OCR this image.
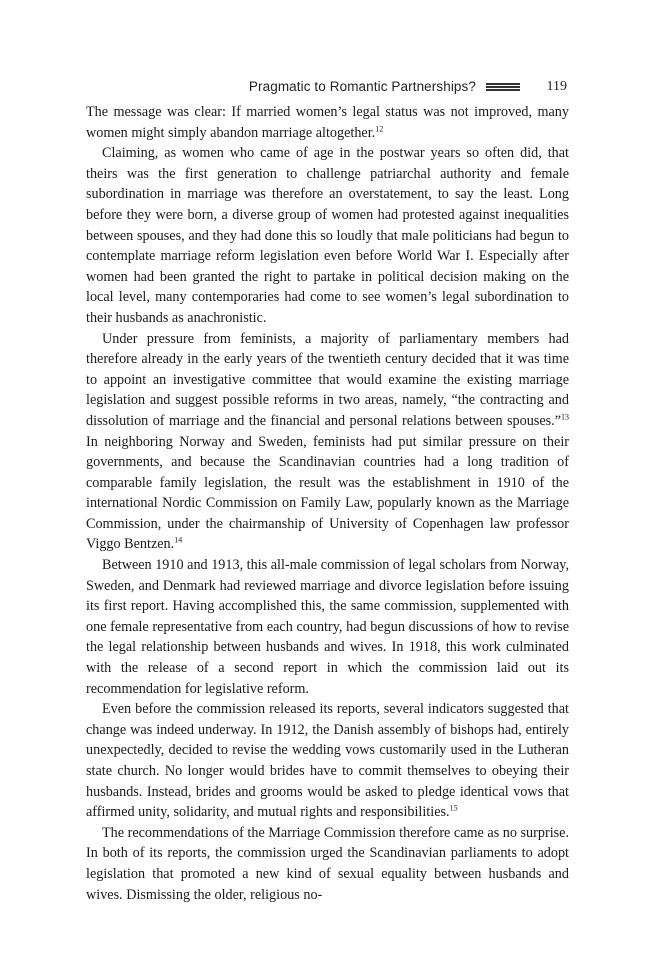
Pragmatic to Romantic Partnerships?	119

The message was clear: If married women’s legal status was not improved, many women might simply abandon marriage altogether.$^{12}$

Claiming, as women who came of age in the postwar years so often did, that theirs was the first generation to challenge patriarchal authority and female subordination in marriage was therefore an overstatement, to say the least. Long before they were born, a diverse group of women had protested against inequalities between spouses, and they had done this so loudly that male politicians had begun to contemplate marriage reform legislation even before World War I. Especially after women had been granted the right to partake in political decision making on the local level, many contemporaries had come to see women’s legal subordination to their husbands as anachronistic.

Under pressure from feminists, a majority of parliamentary members had therefore already in the early years of the twentieth century decided that it was time to appoint an investigative committee that would examine the existing marriage legislation and suggest possible reforms in two areas, namely, “the contracting and dissolution of marriage and the financial and personal relations between spouses.”$^{13}$ In neighboring Norway and Sweden, feminists had put similar pressure on their governments, and because the Scandinavian countries had a long tradition of comparable family legislation, the result was the establishment in 1910 of the international Nordic Commission on Family Law, popularly known as the Marriage Commission, under the chairmanship of University of Copenhagen law professor Viggo Bentzen.$^{14}$

Between 1910 and 1913, this all-male commission of legal scholars from Norway, Sweden, and Denmark had reviewed marriage and divorce legislation before issuing its first report. Having accomplished this, the same commission, supplemented with one female representative from each country, had begun discussions of how to revise the legal relationship between husbands and wives. In 1918, this work culminated with the release of a second report in which the commission laid out its recommendation for legislative reform.

Even before the commission released its reports, several indicators suggested that change was indeed underway. In 1912, the Danish assembly of bishops had, entirely unexpectedly, decided to revise the wedding vows customarily used in the Lutheran state church. No longer would brides have to commit themselves to obeying their husbands. Instead, brides and grooms would be asked to pledge identical vows that affirmed unity, solidarity, and mutual rights and responsibilities.$^{15}$

The recommendations of the Marriage Commission therefore came as no surprise. In both of its reports, the commission urged the Scandinavian parliaments to adopt legislation that promoted a new kind of sexual equality between husbands and wives. Dismissing the older, religious no-
